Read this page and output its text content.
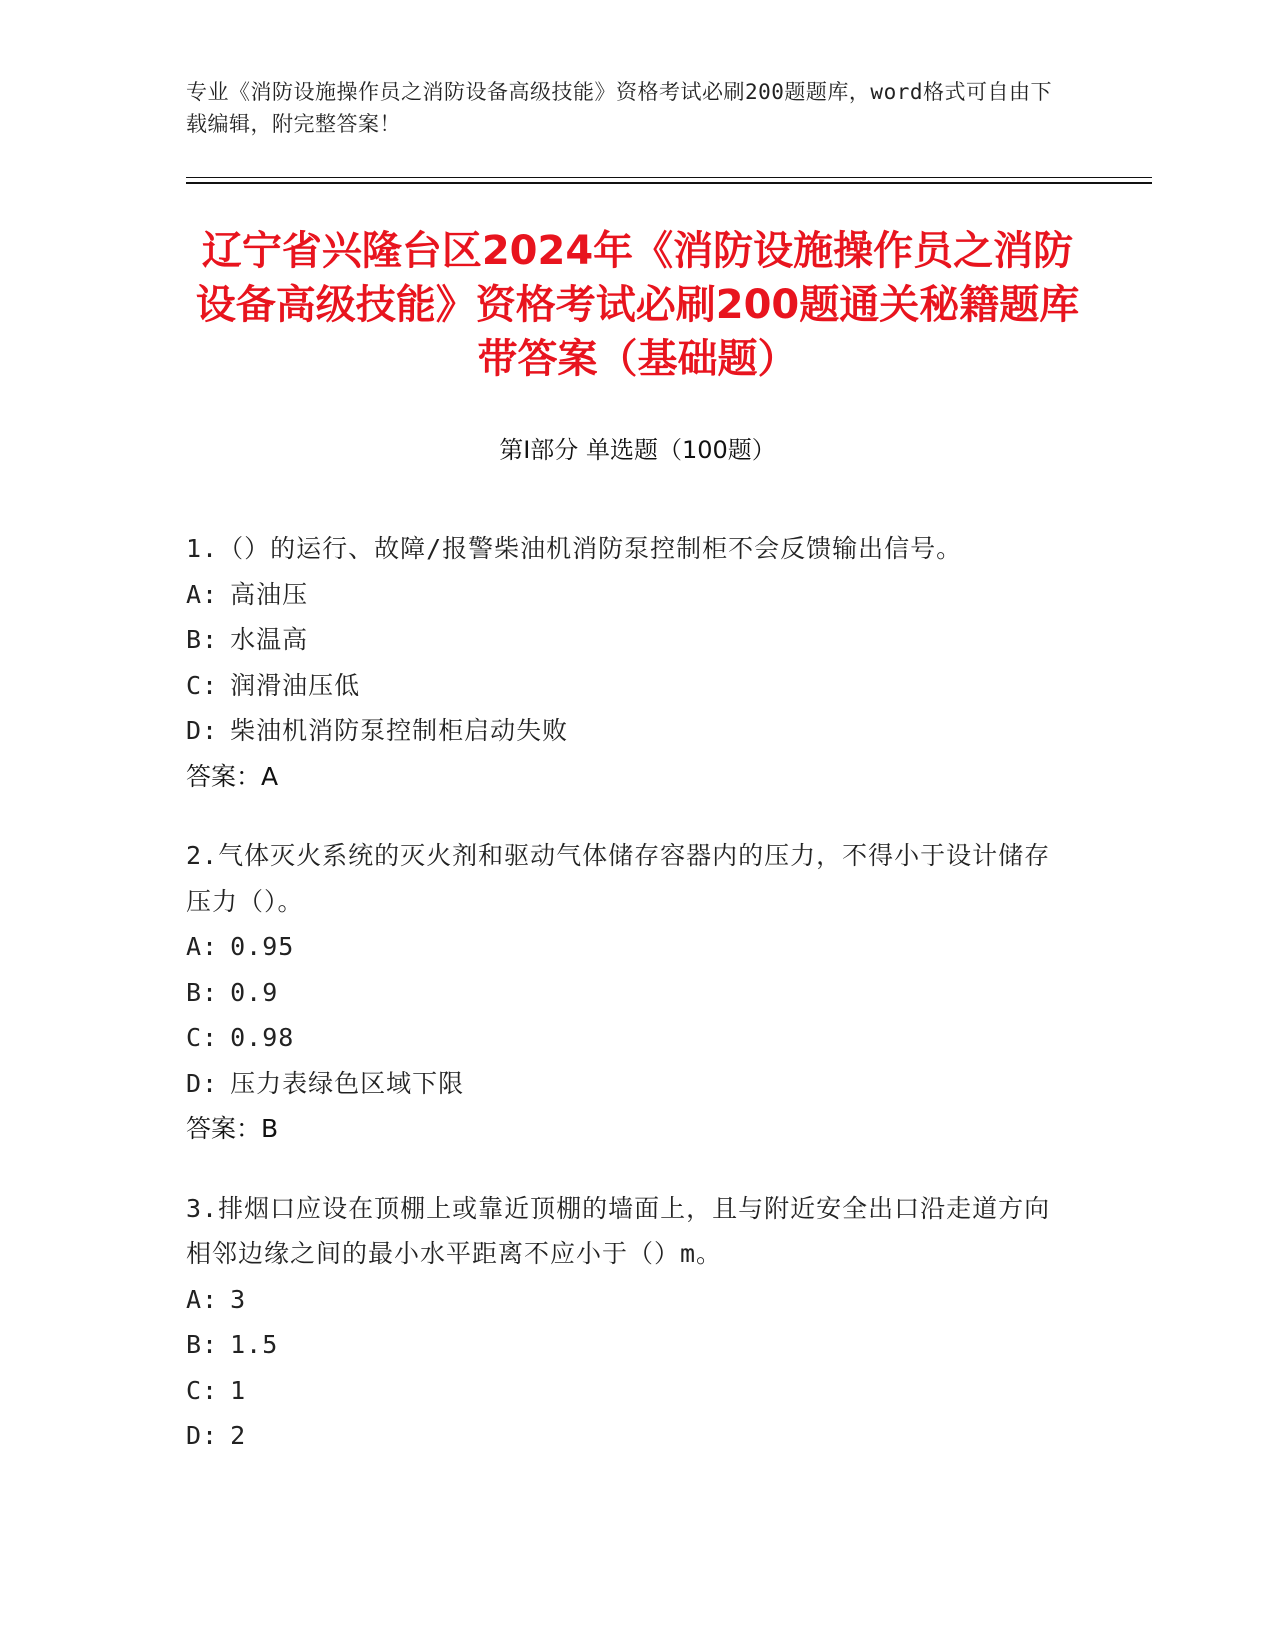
专业《消防设施操作员之消防设备高级技能》资格考试必刷200题题库，word格式可自由下载编辑，附完整答案！
辽宁省兴隆台区2024年《消防设施操作员之消防设备高级技能》资格考试必刷200题通关秘籍题库带答案（基础题）
第Ⅰ部分 单选题（100题）
1.（）的运行、故障/报警柴油机消防泵控制柜不会反馈输出信号。
A: 高油压
B: 水温高
C: 润滑油压低
D: 柴油机消防泵控制柜启动失败
答案：A
2.气体灭火系统的灭火剂和驱动气体储存容器内的压力，不得小于设计储存压力（）。
A: 0.95
B: 0.9
C: 0.98
D: 压力表绿色区域下限
答案：B
3.排烟口应设在顶棚上或靠近顶棚的墙面上，且与附近安全出口沿走道方向相邻边缘之间的最小水平距离不应小于（）m。
A: 3
B: 1.5
C: 1
D: 2
